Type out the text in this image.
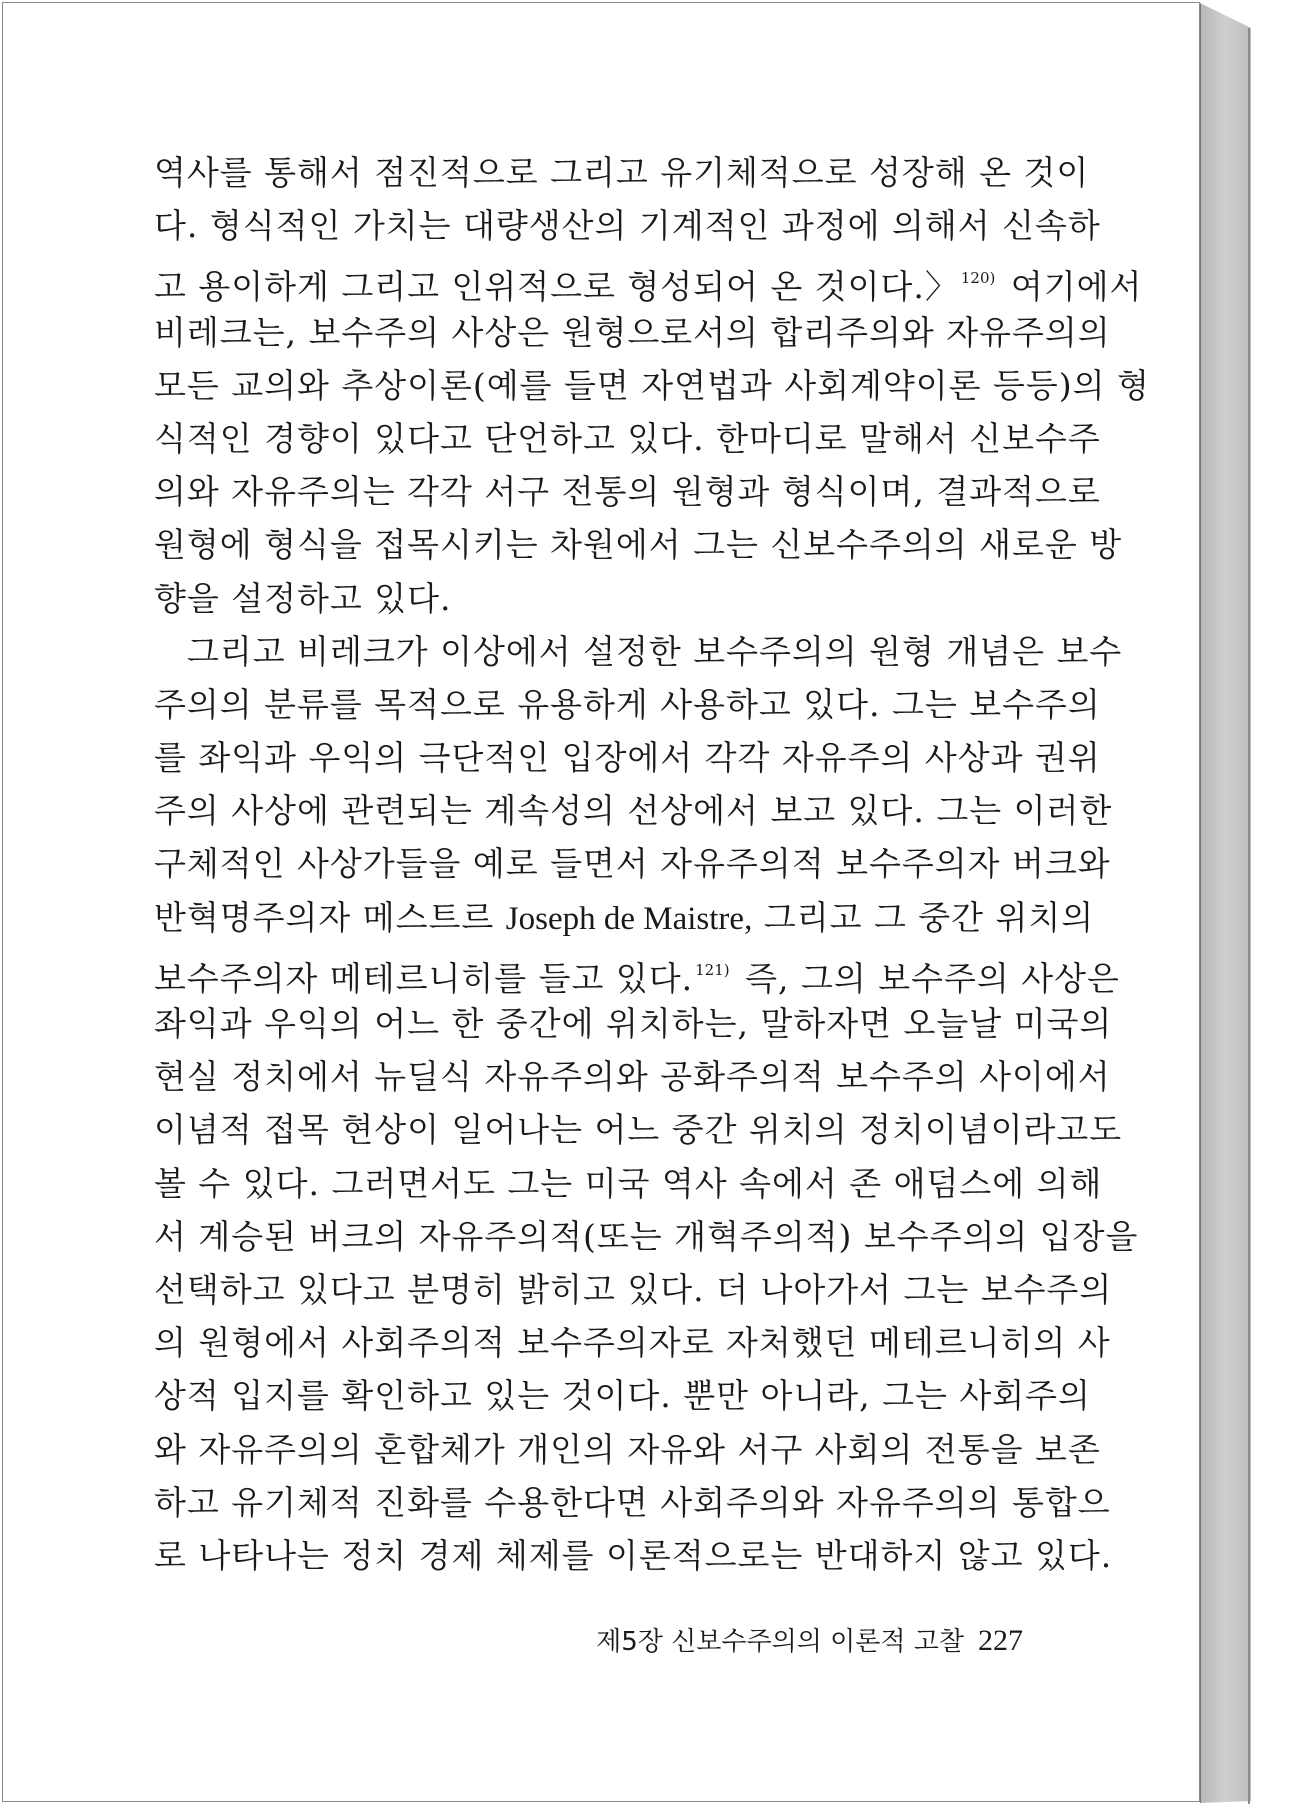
역사를 통해서 점진적으로 그리고 유기체적으로 성장해 온 것이
다. 형식적인 가치는 대량생산의 기계적인 과정에 의해서 신속하
고 용이하게 그리고 인위적으로 형성되어 온 것이다.〉 $^{120)}$ 여기에서
비레크는, 보수주의 사상은 원형으로서의 합리주의와 자유주의의
모든 교의와 추상이론(예를 들면 자연법과 사회계약이론 등등)의 형
식적인 경향이 있다고 단언하고 있다. 한마디로 말해서 신보수주
의와 자유주의는 각각 서구 전통의 원형과 형식이며, 결과적으로
원형에 형식을 접목시키는 차원에서 그는 신보수주의의 새로운 방
향을 설정하고 있다.
그리고 비레크가 이상에서 설정한 보수주의의 원형 개념은 보수
주의의 분류를 목적으로 유용하게 사용하고 있다. 그는 보수주의
를 좌익과 우익의 극단적인 입장에서 각각 자유주의 사상과 권위
주의 사상에 관련되는 계속성의 선상에서 보고 있다. 그는 이러한
구체적인 사상가들을 예로 들면서 자유주의적 보수주의자 버크와
반혁명주의자 메스트르 Joseph de Maistre, 그리고 그 중간 위치의
보수주의자 메테르니히를 들고 있다. $^{121)}$ 즉, 그의 보수주의 사상은
좌익과 우익의 어느 한 중간에 위치하는, 말하자면 오늘날 미국의
현실 정치에서 뉴딜식 자유주의와 공화주의적 보수주의 사이에서
이념적 접목 현상이 일어나는 어느 중간 위치의 정치이념이라고도
볼 수 있다. 그러면서도 그는 미국 역사 속에서 존 애덤스에 의해
서 계승된 버크의 자유주의적(또는 개혁주의적) 보수주의의 입장을
선택하고 있다고 분명히 밝히고 있다. 더 나아가서 그는 보수주의
의 원형에서 사회주의적 보수주의자로 자처했던 메테르니히의 사
상적 입지를 확인하고 있는 것이다. 뿐만 아니라, 그는 사회주의
와 자유주의의 혼합체가 개인의 자유와 서구 사회의 전통을 보존
하고 유기체적 진화를 수용한다면 사회주의와 자유주의의 통합으
로 나타나는 정치 경제 체제를 이론적으로는 반대하지 않고 있다.
제5장 신보수주의의 이론적 고찰 227
